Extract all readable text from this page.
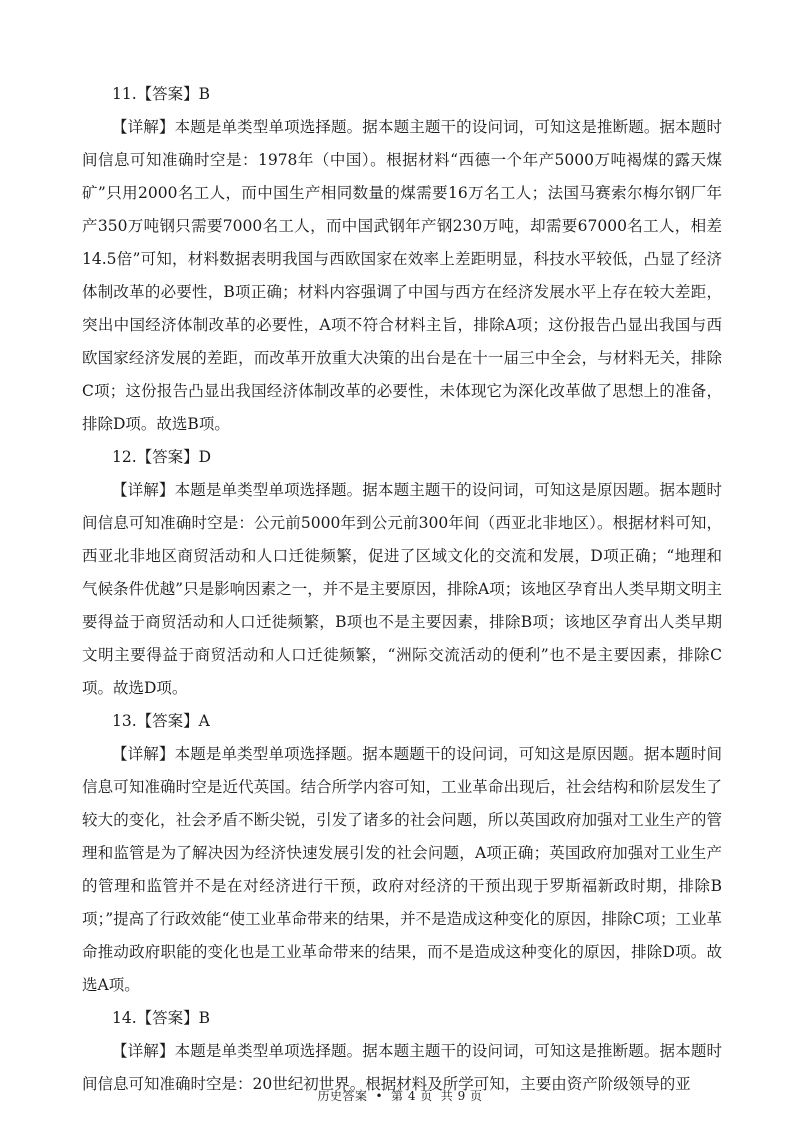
11.【答案】B

【详解】本题是单类型单项选择题。据本题主题干的设问词，可知这是推断题。据本题时间信息可知准确时空是：1978年（中国）。根据材料“西德一个年产5000万吨褐煤的露天煤矿”只用2000名工人，而中国生产相同数量的煤需要16万名工人；法国马赛索尔梅尔钢厂年产350万吨钢只需要7000名工人，而中国武钢年产钢230万吨，却需要67000名工人，相差14.5倍”可知，材料数据表明我国与西欧国家在效率上差距明显，科技水平较低，凸显了经济体制改革的必要性，B项正确；材料内容强调了中国与西方在经济发展水平上存在较大差距，突出中国经济体制改革的必要性，A项不符合材料主旨，排除A项；这份报告凸显出我国与西欧国家经济发展的差距，而改革开放重大决策的出台是在十一届三中全会，与材料无关，排除C项；这份报告凸显出我国经济体制改革的必要性，未体现它为深化改革做了思想上的准备，排除D项。故选B项。

12.【答案】D

【详解】本题是单类型单项选择题。据本题主题干的设问词，可知这是原因题。据本题时间信息可知准确时空是：公元前5000年到公元前300年间（西亚北非地区）。根据材料可知，西亚北非地区商贸活动和人口迁徙频繁，促进了区域文化的交流和发展，D项正确；“地理和气候条件优越”只是影响因素之一，并不是主要原因，排除A项；该地区孕育出人类早期文明主要得益于商贸活动和人口迁徙频繁，B项也不是主要因素，排除B项；该地区孕育出人类早期文明主要得益于商贸活动和人口迁徙频繁，“洲际交流活动的便利”也不是主要因素，排除C项。故选D项。

13.【答案】A

【详解】本题是单类型单项选择题。据本题题干的设问词，可知这是原因题。据本题时间信息可知准确时空是近代英国。结合所学内容可知，工业革命出现后，社会结构和阶层发生了较大的变化，社会矛盾不断尖锐，引发了诸多的社会问题，所以英国政府加强对工业生产的管理和监管是为了解决因为经济快速发展引发的社会问题，A项正确；英国政府加强对工业生产的管理和监管并不是在对经济进行干预，政府对经济的干预出现于罗斯福新政时期，排除B项；”提高了行政效能“使工业革命带来的结果，并不是造成这种变化的原因，排除C项；工业革命推动政府职能的变化也是工业革命带来的结果，而不是造成这种变化的原因，排除D项。故选A项。

14.【答案】B

【详解】本题是单类型单项选择题。据本题主题干的设问词，可知这是推断题。据本题时间信息可知准确时空是：20世纪初世界。根据材料及所学可知，主要由资产阶级领导的亚

历史答案 • 第 4 页 共 9 页
